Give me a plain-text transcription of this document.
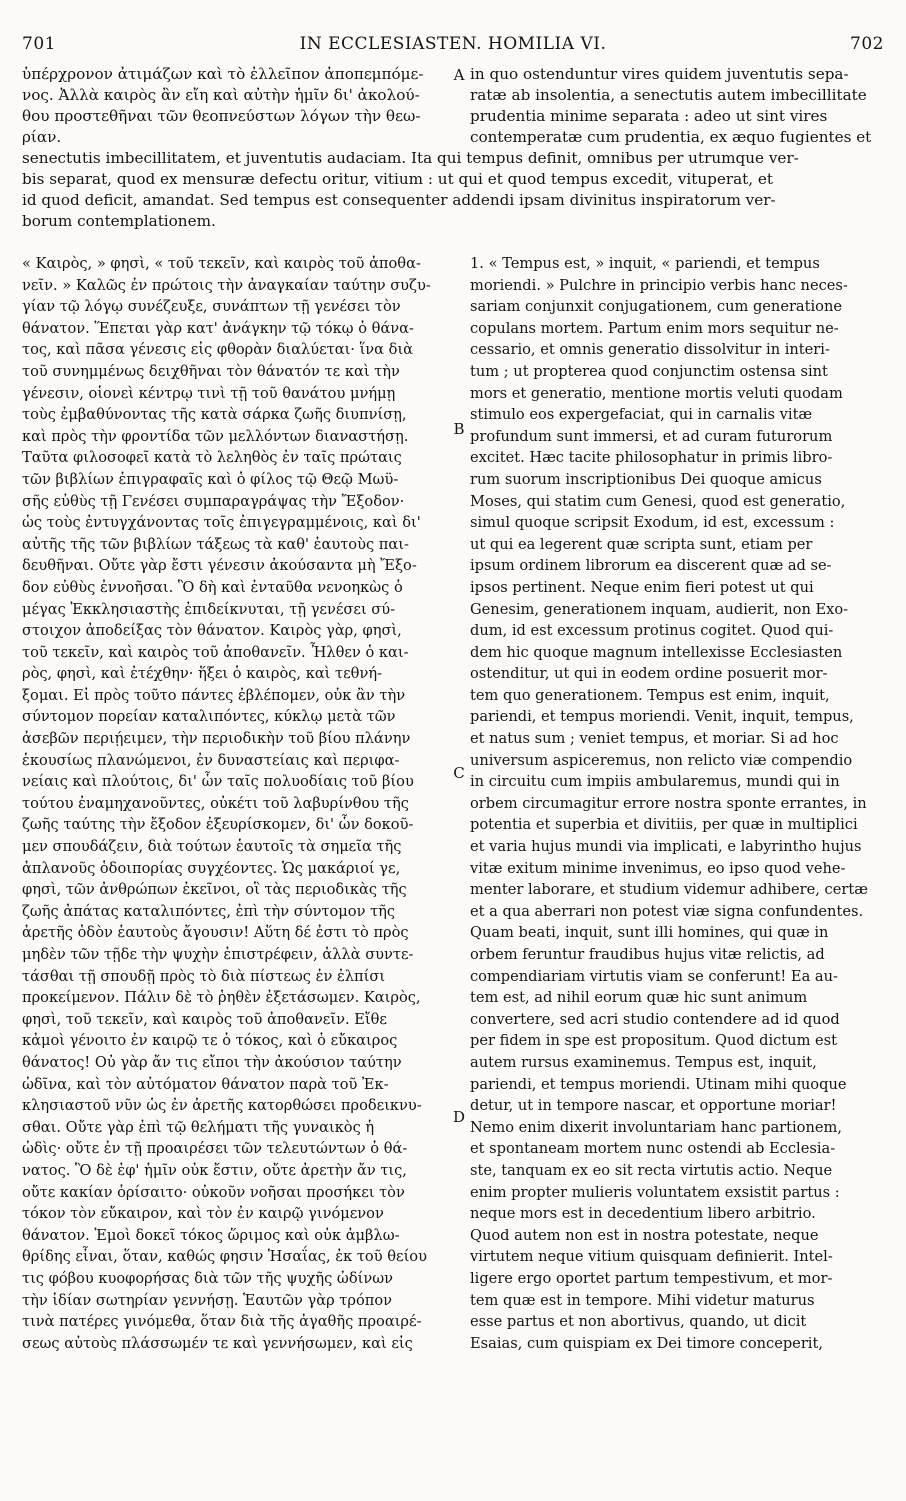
701	IN ECCLESIASTEN. HOMILIA VI.	702
ὑπέρχρονον ἀτιμάζων καὶ τὸ ἐλλεῖπον ἀποπεμπόμε-
νος. Ἀλλὰ καιρὸς ἂν εἴη καὶ αὐτὴν ἡμῖν δι' ἀκολού-
θου προστεθῆναι τῶν θεοπνεύστων λόγων τὴν θεω-
ρίαν.
in quo ostenduntur vires quidem juventutis sepa-
ratæ ab insolentia, a senectutis autem imbecillitate
prudentia minime separata : adeo ut sint vires
contemperatæ cum prudentia, ex æquo fugientes et
senectutis imbecillitatem, et juventutis audaciam. Ita qui tempus definit, omnibus per utrumque ver-
bis separat, quod ex mensuræ defectu oritur, vitium : ut qui et quod tempus excedit, vituperat, et
id quod deficit, amandat. Sed tempus est consequenter addendi ipsam divinitus inspiratorum ver-
borum contemplationem.
« Καιρὸς, » φησὶ, « τοῦ τεκεῖν, καὶ καιρὸς τοῦ ἀποθα-
νεῖν. » Καλῶς ἐν πρώτοις τὴν ἀναγκαίαν ταύτην συζυ-
γίαν τῷ λόγῳ συνέζευξε, συνάπτων τῇ γενέσει τὸν
θάνατον. Ἕπεται γὰρ κατ' ἀνάγκην τῷ τόκῳ ὁ θάνα-
τος, καὶ πᾶσα γένεσις εἰς φθορὰν διαλύεται· ἵνα διὰ
τοῦ συνημμένως δειχθῆναι τὸν θάνατόν τε καὶ τὴν
γένεσιν, οἱονεὶ κέντρῳ τινὶ τῇ τοῦ θανάτου μνήμῃ
τοὺς ἐμβαθύνοντας τῆς κατὰ σάρκα ζωῆς διυπνίσῃ,
καὶ πρὸς τὴν φροντίδα τῶν μελλόντων διαναστήσῃ.
Ταῦτα φιλοσοφεῖ κατὰ τὸ λεληθὸς ἐν ταῖς πρώταις
τῶν βιβλίων ἐπιγραφαῖς καὶ ὁ φίλος τῷ Θεῷ Μωϋ-
σῆς εὐθὺς τῇ Γενέσει συμπαραγράψας τὴν Ἔξοδον·
ὡς τοὺς ἐντυγχάνοντας τοῖς ἐπιγεγραμμένοις, καὶ δι'
αὐτῆς τῆς τῶν βιβλίων τάξεως τὰ καθ' ἑαυτοὺς παι-
δευθῆναι. Οὔτε γὰρ ἔστι γένεσιν ἀκούσαντα μὴ Ἔξο-
δον εὐθὺς ἐννοῆσαι. Ὃ δὴ καὶ ἐνταῦθα νενοηκὼς ὁ
μέγας Ἐκκλησιαστὴς ἐπιδείκνυται, τῇ γενέσει σύ-
στοιχον ἀποδείξας τὸν θάνατον. Καιρὸς γὰρ, φησὶ,
τοῦ τεκεῖν, καὶ καιρὸς τοῦ ἀποθανεῖν. Ἦλθεν ὁ και-
ρὸς, φησὶ, καὶ ἐτέχθην· ἥξει ὁ καιρὸς, καὶ τεθνή-
ξομαι. Εἰ πρὸς τοῦτο πάντες ἐβλέπομεν, οὐκ ἂν τὴν
σύντομον πορείαν καταλιπόντες, κύκλῳ μετὰ τῶν
ἀσεβῶν περιῄειμεν, τὴν περιοδικὴν τοῦ βίου πλάνην
ἑκουσίως πλανώμενοι, ἐν δυναστείαις καὶ περιφα-
νείαις καὶ πλούτοις, δι' ὧν ταῖς πολυοδίαις τοῦ βίου
τούτου ἐναμηχανοῦντες, οὐκέτι τοῦ λαβυρίνθου τῆς
ζωῆς ταύτης τὴν ἔξοδον ἐξευρίσκομεν, δι' ὧν δοκοῦ-
μεν σπουδάζειν, διὰ τούτων ἑαυτοῖς τὰ σημεῖα τῆς
ἀπλανοῦς ὁδοιπορίας συγχέοντες. Ὡς μακάριοί γε,
φησὶ, τῶν ἀνθρώπων ἐκεῖνοι, οἳ τὰς περιοδικὰς τῆς
ζωῆς ἀπάτας καταλιπόντες, ἐπὶ τὴν σύντομον τῆς
ἀρετῆς ὁδὸν ἑαυτοὺς ἄγουσιν! Αὕτη δέ ἐστι τὸ πρὸς
μηδὲν τῶν τῇδε τὴν ψυχὴν ἐπιστρέφειν, ἀλλὰ συντε-
τάσθαι τῇ σπουδῇ πρὸς τὸ διὰ πίστεως ἐν ἐλπίσι
προκείμενον. Πάλιν δὲ τὸ ῥηθὲν ἐξετάσωμεν. Καιρὸς,
φησὶ, τοῦ τεκεῖν, καὶ καιρὸς τοῦ ἀποθανεῖν. Εἴθε
κἀμοὶ γένοιτο ἐν καιρῷ τε ὁ τόκος, καὶ ὁ εὔκαιρος
θάνατος! Οὐ γὰρ ἄν τις εἴποι τὴν ἀκούσιον ταύτην
ὠδῖνα, καὶ τὸν αὐτόματον θάνατον παρὰ τοῦ Ἐκ-
κλησιαστοῦ νῦν ὡς ἐν ἀρετῆς κατορθώσει προδεικνυ-
σθαι. Οὔτε γὰρ ἐπὶ τῷ θελήματι τῆς γυναικὸς ἡ
ὠδὶς· οὔτε ἐν τῇ προαιρέσει τῶν τελευτώντων ὁ θά-
νατος. Ὃ δὲ ἐφ' ἡμῖν οὐκ ἔστιν, οὔτε ἀρετὴν ἄν τις,
οὔτε κακίαν ὁρίσαιτο· οὐκοῦν νοῆσαι προσήκει τὸν
τόκον τὸν εὔκαιρον, καὶ τὸν ἐν καιρῷ γινόμενον
θάνατον. Ἐμοὶ δοκεῖ τόκος ὥριμος καὶ οὐκ ἀμβλω-
θρίδης εἶναι, ὅταν, καθώς φησιν Ἡσαΐας, ἐκ τοῦ θείου
τις φόβου κυοφορήσας διὰ τῶν τῆς ψυχῆς ὠδίνων
τὴν ἰδίαν σωτηρίαν γεννήσῃ. Ἑαυτῶν γὰρ τρόπον
τινὰ πατέρες γινόμεθα, ὅταν διὰ τῆς ἀγαθῆς προαιρέ-
σεως αὐτοὺς πλάσσωμέν τε καὶ γεννήσωμεν, καὶ εἰς
1. « Tempus est, » inquit, « pariendi, et tempus
moriendi. » Pulchre in principio verbis hanc neces-
sariam conjunxit conjugationem, cum generatione
copulans mortem. Partum enim mors sequitur ne-
cessario, et omnis generatio dissolvitur in interi-
tum ; ut propterea quod conjunctim ostensa sint
mors et generatio, mentione mortis veluti quodam
stimulo eos expergefaciat, qui in carnalis vitæ
profundum sunt immersi, et ad curam futurorum
excitet. Hæc tacite philosophatur in primis libro-
rum suorum inscriptionibus Dei quoque amicus
Moses, qui statim cum Genesi, quod est generatio,
simul quoque scripsit Exodum, id est, excessum :
ut qui ea legerent quæ scripta sunt, etiam per
ipsum ordinem librorum ea discerent quæ ad se-
ipsos pertinent. Neque enim fieri potest ut qui
Genesim, generationem inquam, audierit, non Exo-
dum, id est excessum protinus cogitet. Quod qui-
dem hic quoque magnum intellexisse Ecclesiasten
ostenditur, ut qui in eodem ordine posuerit mor-
tem quo generationem. Tempus est enim, inquit,
pariendi, et tempus moriendi. Venit, inquit, tempus,
et natus sum ; veniet tempus, et moriar. Si ad hoc
universum aspiceremus, non relicto viæ compendio
in circuitu cum impiis ambularemus, mundi qui in
orbem circumagitur errore nostra sponte errantes, in
potentia et superbia et divitiis, per quæ in multiplici
et varia hujus mundi via implicati, e labyrintho hujus
vitæ exitum minime invenimus, eo ipso quod vehe-
menter laborare, et studium videmur adhibere, certæ
et a qua aberrari non potest viæ signa confundentes.
Quam beati, inquit, sunt illi homines, qui quæ in
orbem feruntur fraudibus hujus vitæ relictis, ad
compendiariam virtutis viam se conferunt! Ea au-
tem est, ad nihil eorum quæ hic sunt animum
convertere, sed acri studio contendere ad id quod
per fidem in spe est propositum. Quod dictum est
autem rursus examinemus. Tempus est, inquit,
pariendi, et tempus moriendi. Utinam mihi quoque
detur, ut in tempore nascar, et opportune moriar!
Nemo enim dixerit involuntariam hanc partionem,
et spontaneam mortem nunc ostendi ab Ecclesia-
ste, tanquam ex eo sit recta virtutis actio. Neque
enim propter mulieris voluntatem exsistit partus :
neque mors est in decedentium libero arbitrio.
Quod autem non est in nostra potestate, neque
virtutem neque vitium quisquam definierit. Intel-
ligere ergo oportet partum tempestivum, et mor-
tem quæ est in tempore. Mihi videtur maturus
esse partus et non abortivus, quando, ut dicit
Esaias, cum quispiam ex Dei timore conceperit,
A
B
C
D
